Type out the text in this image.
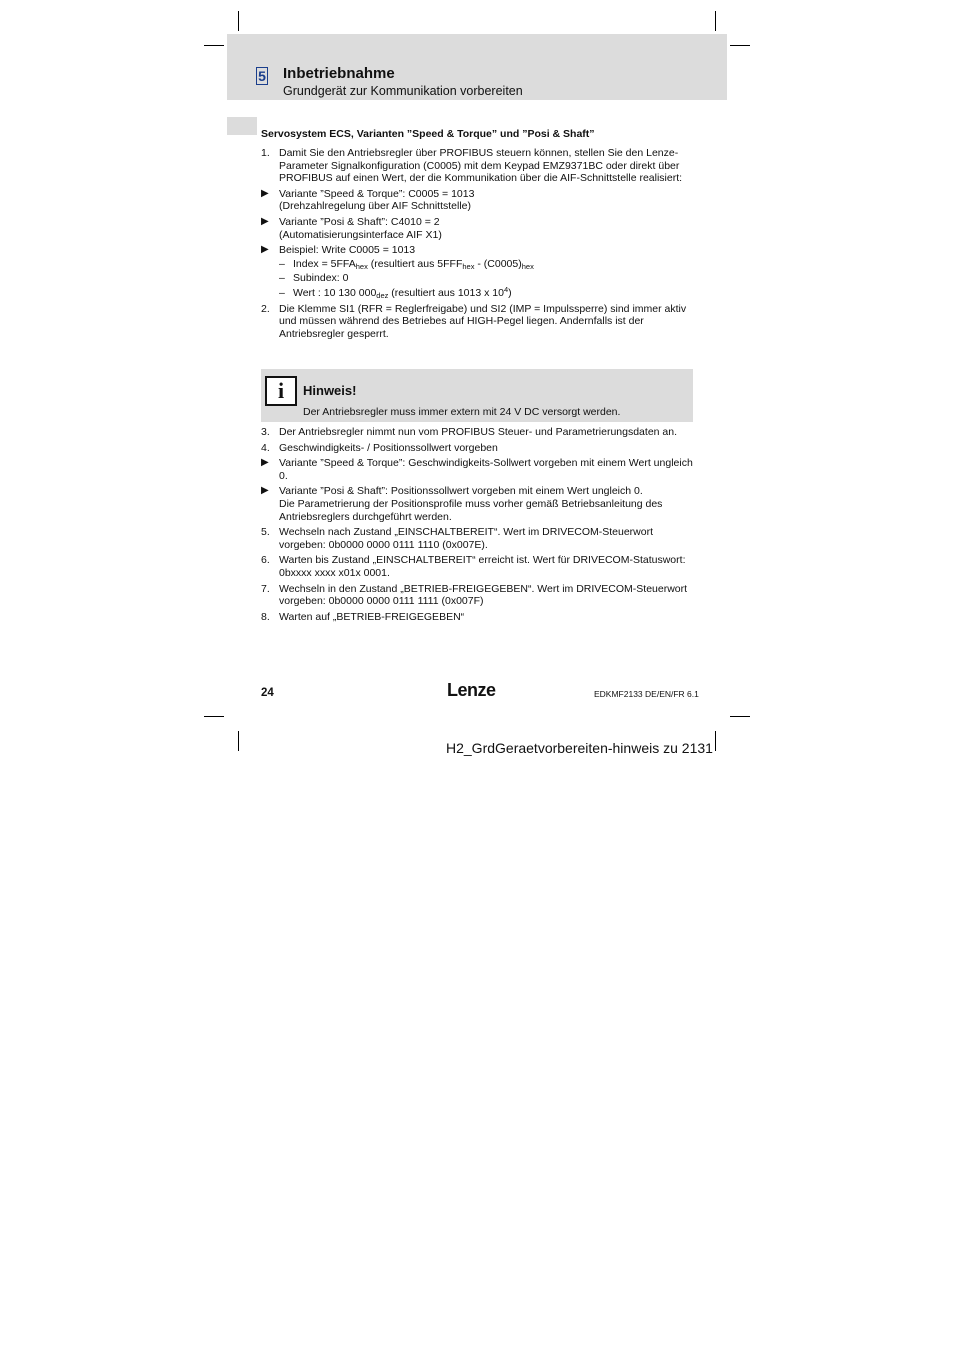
5 Inbetriebnahme
Grundgerät zur Kommunikation vorbereiten
Servosystem ECS, Varianten ”Speed & Torque” und ”Posi & Shaft”
1. Damit Sie den Antriebsregler über PROFIBUS steuern können, stellen Sie den Lenze-Parameter Signalkonfiguration (C0005) mit dem Keypad EMZ9371BC oder direkt über PROFIBUS auf einen Wert, der die Kommunikation über die AIF-Schnittstelle realisiert:
▶ Variante ”Speed & Torque”: C0005 = 1013
(Drehzahlregelung über AIF Schnittstelle)
▶ Variante ”Posi & Shaft”: C4010 = 2
(Automatisierungsinterface AIF X1)
▶ Beispiel: Write C0005 = 1013
– Index = $5FFA_{hex}$ (resultiert aus $5FFF_{hex} - (C0005)_{hex}$
– Subindex: 0
– Wert : 10 130 $000_{dez}$ (resultiert aus 1013 x $10^4$)
2. Die Klemme SI1 (RFR = Reglerfreigabe) und SI2 (IMP = Impulssperre) sind immer aktiv und müssen während des Betriebes auf HIGH-Pegel liegen. Andernfalls ist der Antriebsregler gesperrt.
i	Hinweis!
Der Antriebsregler muss immer extern mit 24 V DC versorgt werden.
3. Der Antriebsregler nimmt nun vom PROFIBUS Steuer- und Parametrierungsdaten an.
4. Geschwindigkeits- / Positionssollwert vorgeben
▶ Variante ”Speed & Torque”: Geschwindigkeits-Sollwert vorgeben mit einem Wert ungleich 0.
▶ Variante ”Posi & Shaft”: Positionssollwert vorgeben mit einem Wert ungleich 0.
Die Parametrierung der Positionsprofile muss vorher gemäß Betriebsanleitung des Antriebsreglers durchgeführt werden.
5. Wechseln nach Zustand „EINSCHALTBEREIT“. Wert im DRIVECOM-Steuerwort vorgeben: 0b0000 0000 0111 1110 (0x007E).
6. Warten bis Zustand „EINSCHALTBEREIT“ erreicht ist. Wert für DRIVECOM-Statuswort: 0bxxxx xxxx x01x 0001.
7. Wechseln in den Zustand „BETRIEB-FREIGEGEBEN“. Wert im DRIVECOM-Steuerwort vorgeben: 0b0000 0000 0111 1111 (0x007F)
8. Warten auf „BETRIEB-FREIGEGEBEN“
24	Lenze	EDKMF2133 DE/EN/FR 6.1
H2_GrdGeraetvorbereiten-hinweis zu 2131
